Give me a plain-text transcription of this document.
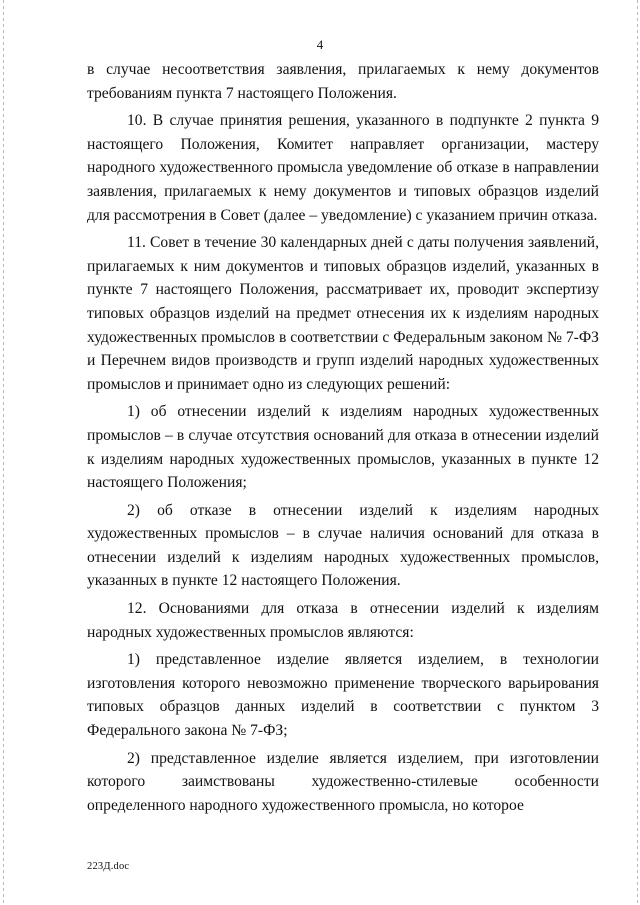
4

в случае несоответствия заявления, прилагаемых к нему документов требованиям пункта 7 настоящего Положения.

10. В случае принятия решения, указанного в подпункте 2 пункта 9 настоящего Положения, Комитет направляет организации, мастеру народного художественного промысла уведомление об отказе в направлении заявления, прилагаемых к нему документов и типовых образцов изделий для рассмотрения в Совет (далее – уведомление) с указанием причин отказа.

11. Совет в течение 30 календарных дней с даты получения заявлений, прилагаемых к ним документов и типовых образцов изделий, указанных в пункте 7 настоящего Положения, рассматривает их, проводит экспертизу типовых образцов изделий на предмет отнесения их к изделиям народных художественных промыслов в соответствии с Федеральным законом № 7-ФЗ и Перечнем видов производств и групп изделий народных художественных промыслов и принимает одно из следующих решений:

1) об отнесении изделий к изделиям народных художественных промыслов – в случае отсутствия оснований для отказа в отнесении изделий к изделиям народных художественных промыслов, указанных в пункте 12 настоящего Положения;

2) об отказе в отнесении изделий к изделиям народных художественных промыслов – в случае наличия оснований для отказа в отнесении изделий к изделиям народных художественных промыслов, указанных в пункте 12 настоящего Положения.

12. Основаниями для отказа в отнесении изделий к изделиям народных художественных промыслов являются:

1) представленное изделие является изделием, в технологии изготовления которого невозможно применение творческого варьирования типовых образцов данных изделий в соответствии с пунктом 3 Федерального закона № 7-ФЗ;

2) представленное изделие является изделием, при изготовлении которого заимствованы художественно-стилевые особенности определенного народного художественного промысла, но которое

223Д.doc
